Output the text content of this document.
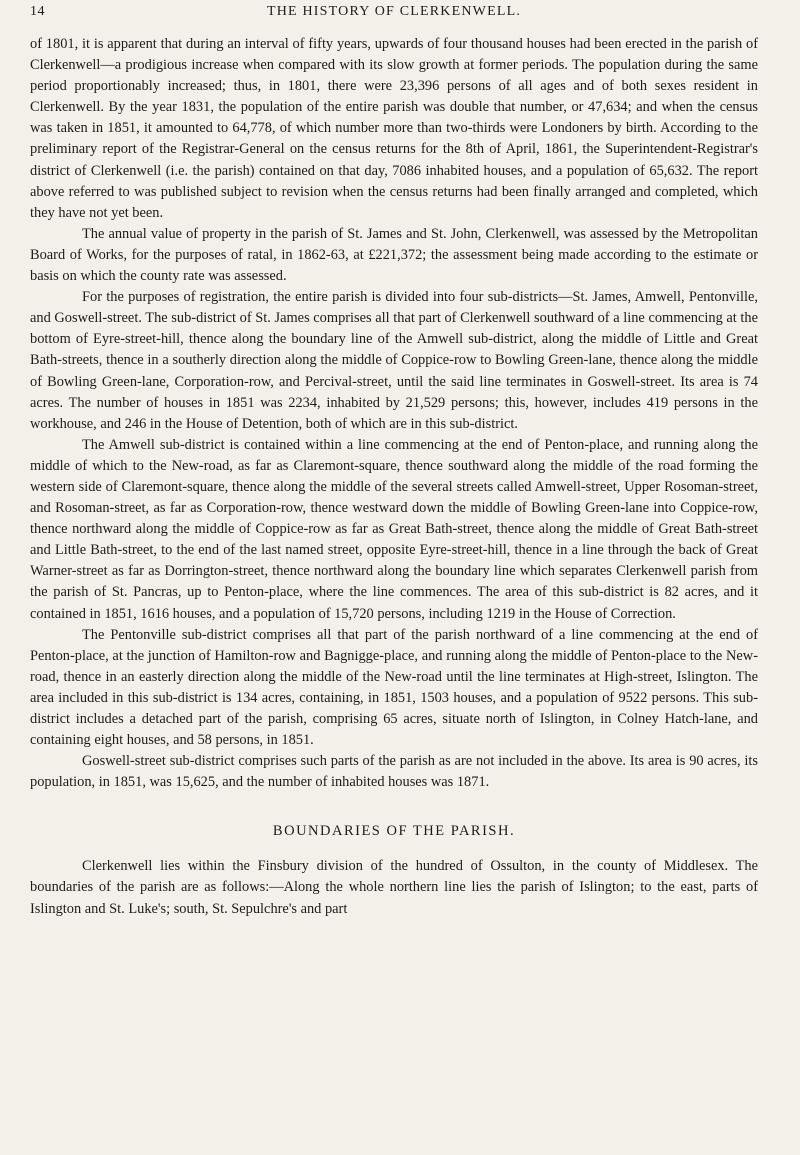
14	THE HISTORY OF CLERKENWELL.

of 1801, it is apparent that during an interval of fifty years, upwards of four thousand houses had been erected in the parish of Clerkenwell—a prodigious increase when compared with its slow growth at former periods. The population during the same period proportionably increased; thus, in 1801, there were 23,396 persons of all ages and of both sexes resident in Clerkenwell. By the year 1831, the population of the entire parish was double that number, or 47,634; and when the census was taken in 1851, it amounted to 64,778, of which number more than two-thirds were Londoners by birth. According to the preliminary report of the Registrar-General on the census returns for the 8th of April, 1861, the Superintendent-Registrar's district of Clerkenwell (i.e. the parish) contained on that day, 7086 inhabited houses, and a population of 65,632. The report above referred to was published subject to revision when the census returns had been finally arranged and completed, which they have not yet been.

The annual value of property in the parish of St. James and St. John, Clerkenwell, was assessed by the Metropolitan Board of Works, for the purposes of ratal, in 1862-63, at £221,372; the assessment being made according to the estimate or basis on which the county rate was assessed.

For the purposes of registration, the entire parish is divided into four sub-districts—St. James, Amwell, Pentonville, and Goswell-street. The sub-district of St. James comprises all that part of Clerkenwell southward of a line commencing at the bottom of Eyre-street-hill, thence along the boundary line of the Amwell sub-district, along the middle of Little and Great Bath-streets, thence in a southerly direction along the middle of Coppice-row to Bowling Green-lane, thence along the middle of Bowling Green-lane, Corporation-row, and Percival-street, until the said line terminates in Goswell-street. Its area is 74 acres. The number of houses in 1851 was 2234, inhabited by 21,529 persons; this, however, includes 419 persons in the workhouse, and 246 in the House of Detention, both of which are in this sub-district.

The Amwell sub-district is contained within a line commencing at the end of Penton-place, and running along the middle of which to the New-road, as far as Claremont-square, thence southward along the middle of the road forming the western side of Claremont-square, thence along the middle of the several streets called Amwell-street, Upper Rosoman-street, and Rosoman-street, as far as Corporation-row, thence westward down the middle of Bowling Green-lane into Coppice-row, thence northward along the middle of Coppice-row as far as Great Bath-street, thence along the middle of Great Bath-street and Little Bath-street, to the end of the last named street, opposite Eyre-street-hill, thence in a line through the back of Great Warner-street as far as Dorrington-street, thence northward along the boundary line which separates Clerkenwell parish from the parish of St. Pancras, up to Penton-place, where the line commences. The area of this sub-district is 82 acres, and it contained in 1851, 1616 houses, and a population of 15,720 persons, including 1219 in the House of Correction.

The Pentonville sub-district comprises all that part of the parish northward of a line commencing at the end of Penton-place, at the junction of Hamilton-row and Bagnigge-place, and running along the middle of Penton-place to the New-road, thence in an easterly direction along the middle of the New-road until the line terminates at High-street, Islington. The area included in this sub-district is 134 acres, containing, in 1851, 1503 houses, and a population of 9522 persons. This sub-district includes a detached part of the parish, comprising 65 acres, situate north of Islington, in Colney Hatch-lane, and containing eight houses, and 58 persons, in 1851.

Goswell-street sub-district comprises such parts of the parish as are not included in the above. Its area is 90 acres, its population, in 1851, was 15,625, and the number of inhabited houses was 1871.

BOUNDARIES OF THE PARISH.

Clerkenwell lies within the Finsbury division of the hundred of Ossulton, in the county of Middlesex. The boundaries of the parish are as follows:—Along the whole northern line lies the parish of Islington; to the east, parts of Islington and St. Luke's; south, St. Sepulchre's and part
